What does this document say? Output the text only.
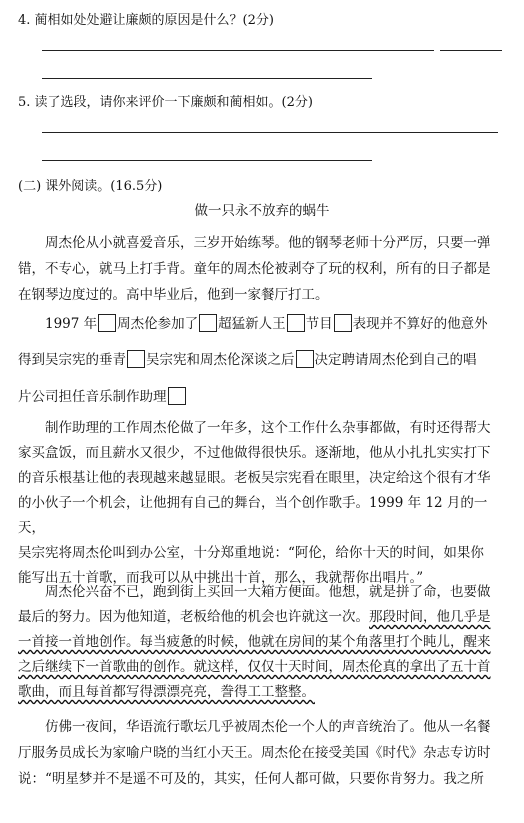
4. 蔺相如处处避让廉颇的原因是什么？(2分)
5. 读了选段，请你来评价一下廉颇和蔺相如。(2分)
(二) 课外阅读。(16.5分)
做一只永不放弃的蜗牛
周杰伦从小就喜爱音乐，三岁开始练琴。他的钢琴老师十分严厉，只要一弹
错，不专心，就马上打手背。童年的周杰伦被剥夺了玩的权利，所有的日子都是
在钢琴边度过的。高中毕业后，他到一家餐厅打工。
1997 年 周杰伦参加了 超猛新人王 节目 表现并不算好的他意外
得到吴宗宪的垂青 吴宗宪和周杰伦深谈之后 决定聘请周杰伦到自己的唱
片公司担任音乐制作助理
制作助理的工作周杰伦做了一年多，这个工作什么杂事都做，有时还得帮大
家买盒饭，而且薪水又很少，不过他做得很快乐。逐渐地，他从小扎扎实实打下
的音乐根基让他的表现越来越显眼。老板吴宗宪看在眼里，决定给这个很有才华
的小伙子一个机会，让他拥有自己的舞台，当个创作歌手。1999 年 12 月的一天，
吴宗宪将周杰伦叫到办公室，十分郑重地说：“阿伦，给你十天的时间，如果你
能写出五十首歌，而我可以从中挑出十首，那么，我就帮你出唱片。”
周杰伦兴奋不已，跑到街上买回一大箱方便面。他想，就是拼了命，也要做
最后的努力。因为他知道，老板给他的机会也许就这一次。那段时间，他几乎是
一首接一首地创作。每当疲惫的时候，他就在房间的某个角落里打个盹儿，醒来
之后继续下一首歌曲的创作。就这样，仅仅十天时间，周杰伦真的拿出了五十首
歌曲，而且每首都写得漂漂亮亮，誊得工工整整。
仿佛一夜间，华语流行歌坛几乎被周杰伦一个人的声音统治了。他从一名餐
厅服务员成长为家喻户晓的当红小天王。周杰伦在接受美国《时代》杂志专访时
说：“明星梦并不是遥不可及的，其实，任何人都可做，只要你肯努力。我之所
